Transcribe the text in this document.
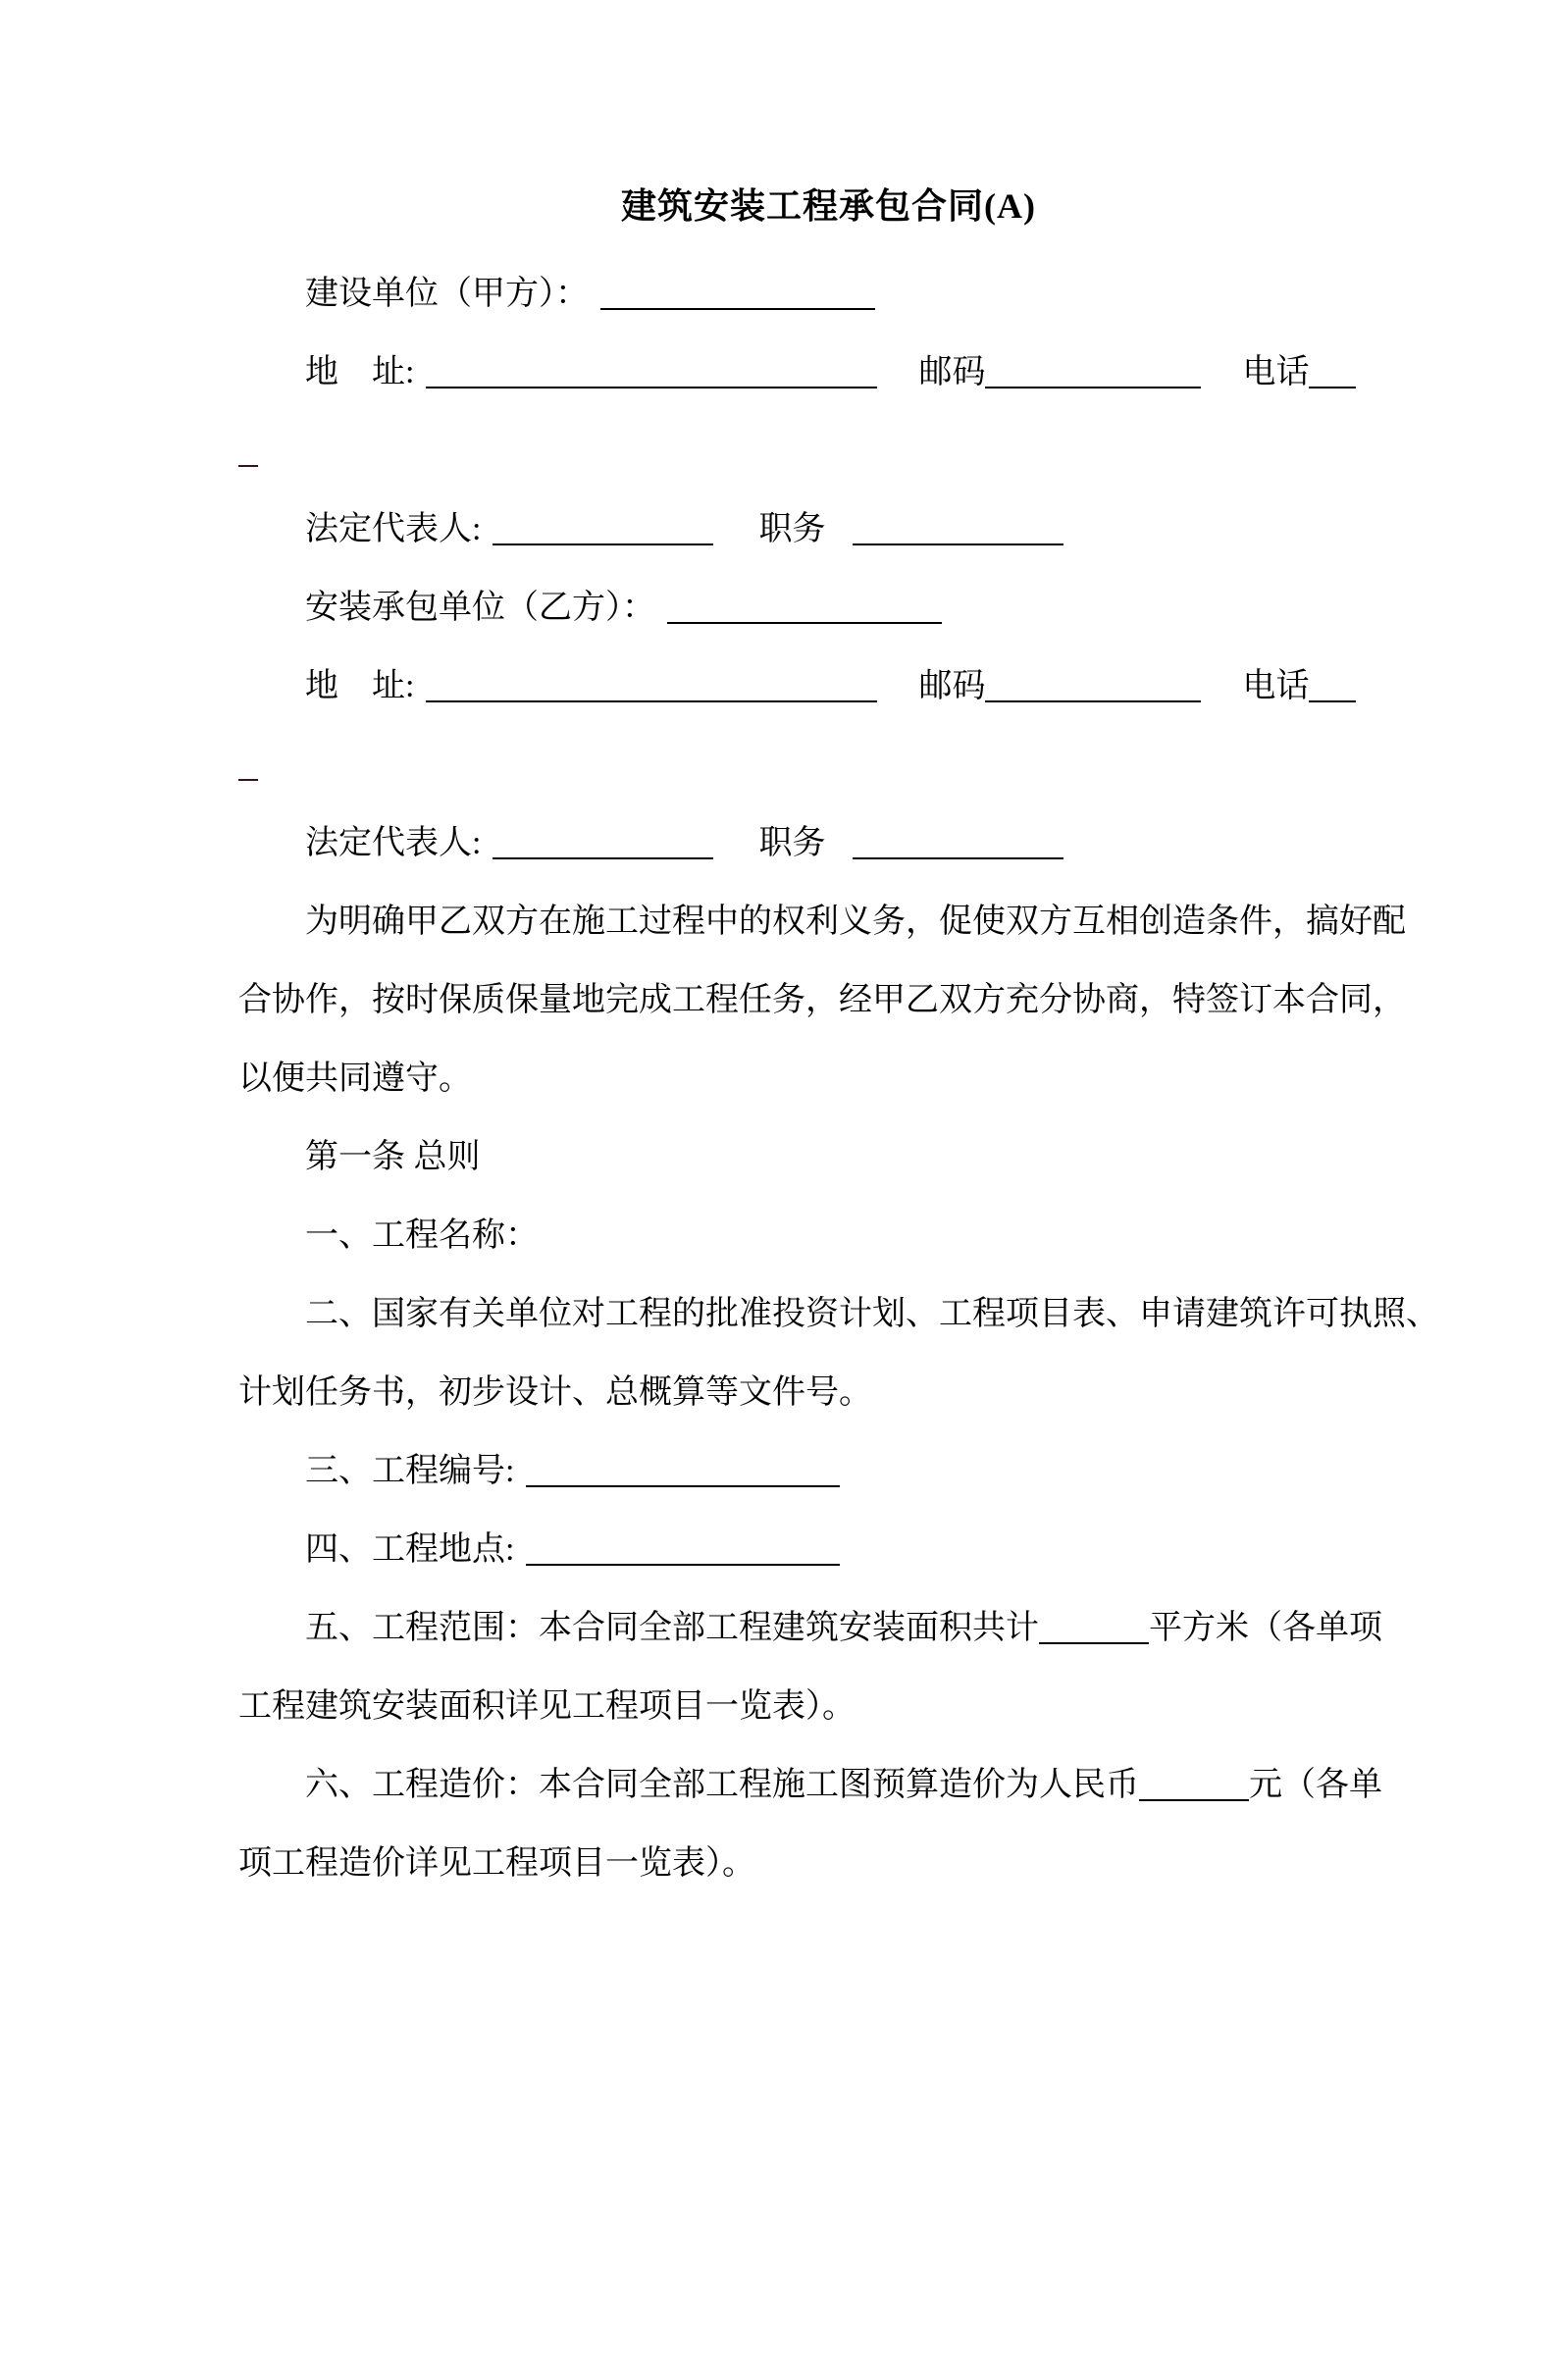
建筑安装工程承包合同(A)
建设单位（甲方）：
地　址:	邮码	电话
法定代表人:	职务
安装承包单位（乙方）：
地　址:	邮码	电话
法定代表人:	职务
为明确甲乙双方在施工过程中的权利义务，促使双方互相创造条件，搞好配
合协作，按时保质保量地完成工程任务，经甲乙双方充分协商，特签订本合同，
以便共同遵守。
第一条 总则
一、工程名称：
二、国家有关单位对工程的批准投资计划、工程项目表、申请建筑许可执照、
计划任务书，初步设计、总概算等文件号。
三、工程编号:
四、工程地点:
五、工程范围：本合同全部工程建筑安装面积共计	平方米（各单项
工程建筑安装面积详见工程项目一览表）。
六、工程造价：本合同全部工程施工图预算造价为人民币	元（各单
项工程造价详见工程项目一览表）。
